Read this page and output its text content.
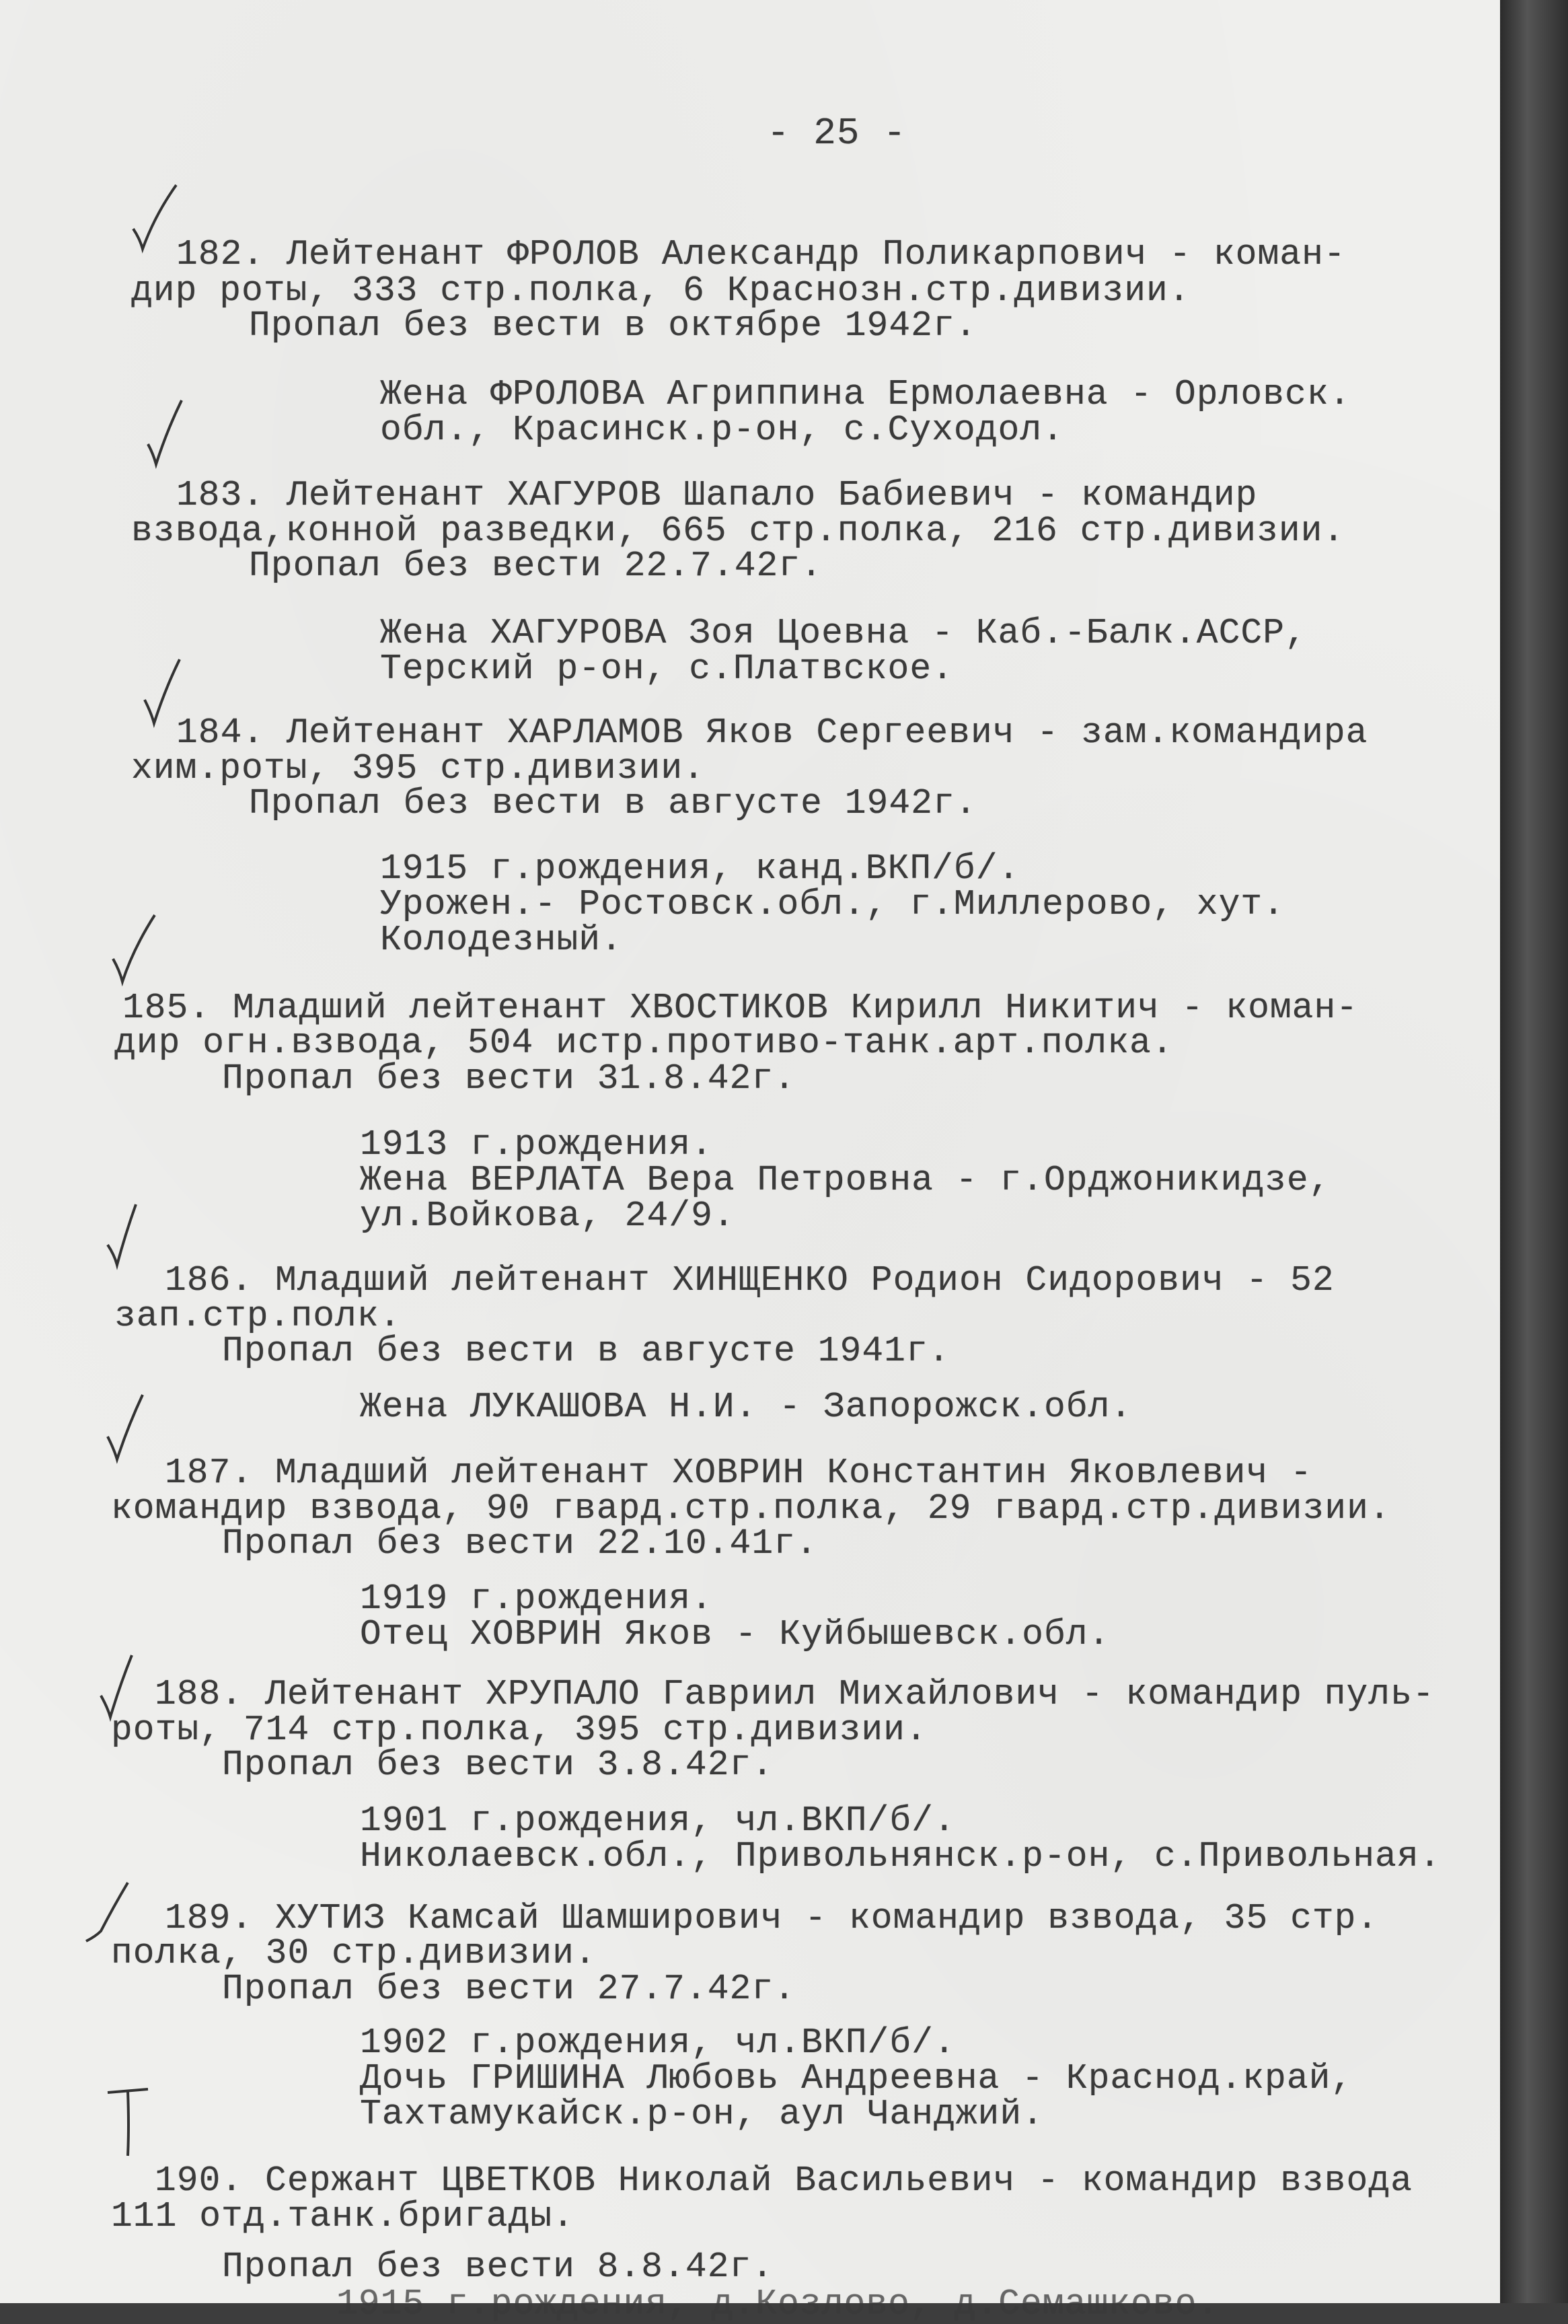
- 25 -
182. Лейтенант ФРОЛОВ Александр Поликарпович - коман-
дир роты, 333 стр.полка, 6 Краснозн.стр.дивизии.
Пропал без вести в октябре 1942г.
Жена ФРОЛОВА Агриппина Ермолаевна - Орловск.
обл., Красинск.р-он, с.Суходол.
183. Лейтенант ХАГУРОВ Шапало Бабиевич - командир
взвода,конной разведки, 665 стр.полка, 216 стр.дивизии.
Пропал без вести 22.7.42г.
Жена ХАГУРОВА Зоя Цоевна - Каб.-Балк.АССР,
Терский р-он, с.Платвское.
184. Лейтенант ХАРЛАМОВ Яков Сергеевич - зам.командира
хим.роты, 395 стр.дивизии.
Пропал без вести в августе 1942г.
1915 г.рождения, канд.ВКП/б/.
Урожен.- Ростовск.обл., г.Миллерово, хут.
Колодезный.
185. Младший лейтенант ХВОСТИКОВ Кирилл Никитич - коман-
дир огн.взвода, 504 истр.противо-танк.арт.полка.
Пропал без вести 31.8.42г.
1913 г.рождения.
Жена ВЕРЛАТА Вера Петровна - г.Орджоникидзе,
ул.Войкова, 24/9.
186. Младший лейтенант ХИНЩЕНКО Родион Сидорович - 52
зап.стр.полк.
Пропал без вести в августе 1941г.
Жена ЛУКАШОВА Н.И. - Запорожск.обл.
187. Младший лейтенант ХОВРИН Константин Яковлевич -
командир взвода, 90 гвард.стр.полка, 29 гвард.стр.дивизии.
Пропал без вести 22.10.41г.
1919 г.рождения.
Отец ХОВРИН Яков - Куйбышевск.обл.
188. Лейтенант ХРУПАЛО Гавриил Михайлович - командир пуль-
роты, 714 стр.полка, 395 стр.дивизии.
Пропал без вести 3.8.42г.
1901 г.рождения, чл.ВКП/б/.
Николаевск.обл., Привольнянск.р-он, с.Привольная.
189. ХУТИЗ Камсай Шамширович - командир взвода, 35 стр.
полка, 30 стр.дивизии.
Пропал без вести 27.7.42г.
1902 г.рождения, чл.ВКП/б/.
Дочь ГРИШИНА Любовь Андреевна - Краснод.край,
Тахтамукайск.р-он, аул Чанджий.
190. Сержант ЦВЕТКОВ Николай Васильевич - командир взвода
111 отд.танк.бригады.
Пропал без вести 8.8.42г.
1915 г.рождения, д.Козлово, д.Семашково.
